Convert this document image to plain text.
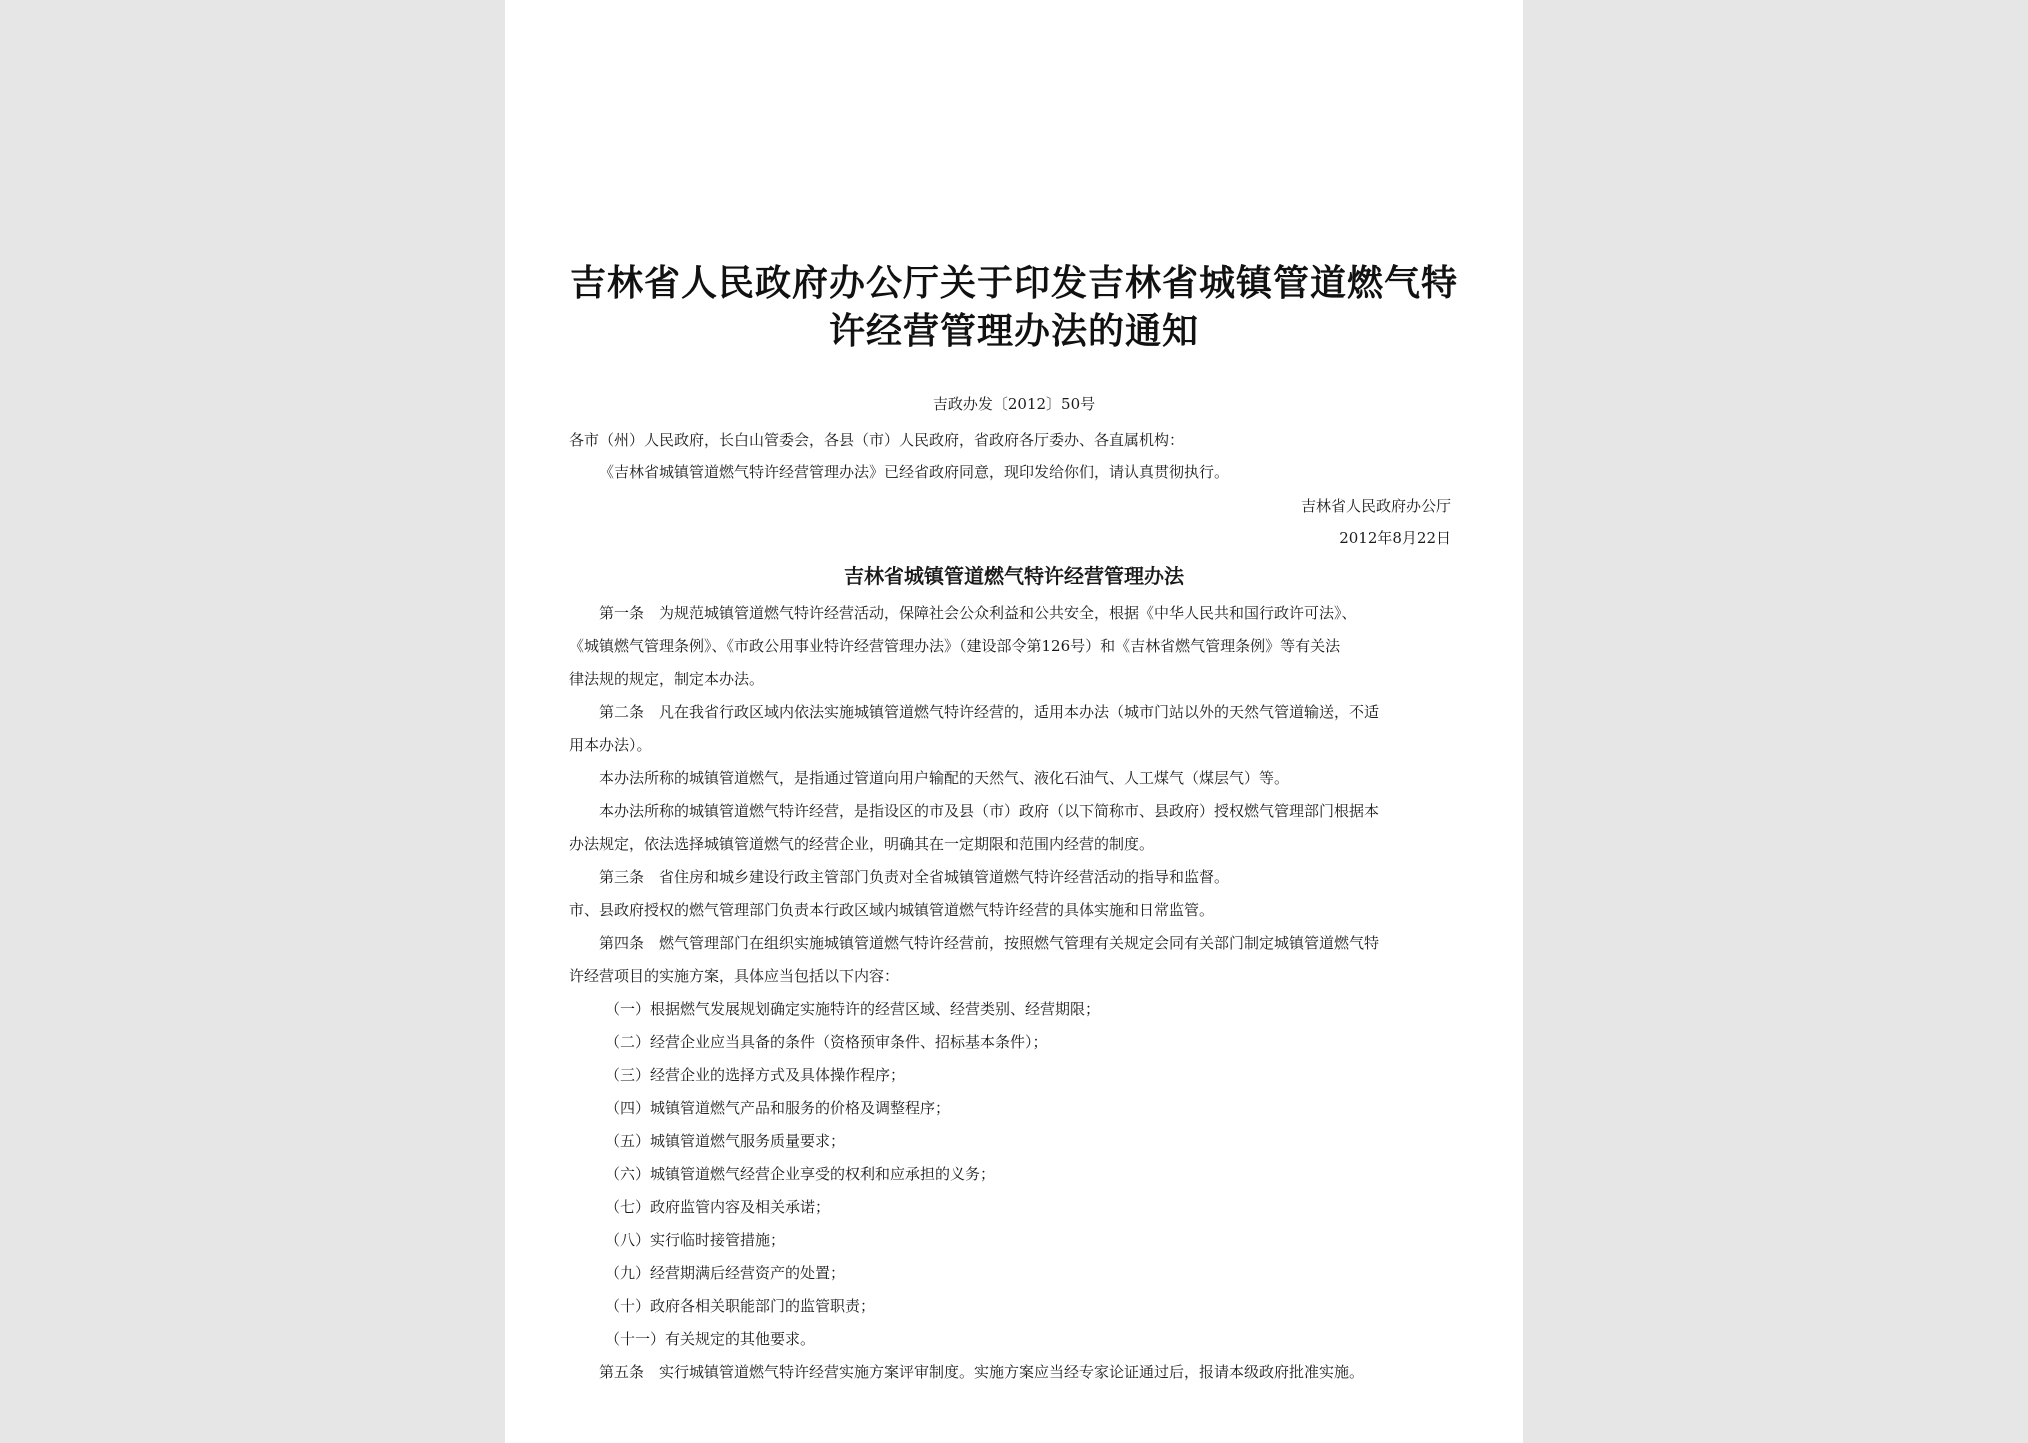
吉林省人民政府办公厅关于印发吉林省城镇管道燃气特
许经营管理办法的通知
吉政办发〔2012〕50号
各市（州）人民政府，长白山管委会，各县（市）人民政府，省政府各厅委办、各直属机构：
《吉林省城镇管道燃气特许经营管理办法》已经省政府同意，现印发给你们，请认真贯彻执行。
吉林省人民政府办公厅
2012年8月22日
吉林省城镇管道燃气特许经营管理办法
第一条　为规范城镇管道燃气特许经营活动，保障社会公众利益和公共安全，根据《中华人民共和国行政许可法》、
《城镇燃气管理条例》、《市政公用事业特许经营管理办法》（建设部令第126号）和《吉林省燃气管理条例》等有关法
律法规的规定，制定本办法。
第二条　凡在我省行政区域内依法实施城镇管道燃气特许经营的，适用本办法（城市门站以外的天然气管道输送，不适
用本办法）。
本办法所称的城镇管道燃气，是指通过管道向用户输配的天然气、液化石油气、人工煤气（煤层气）等。
本办法所称的城镇管道燃气特许经营，是指设区的市及县（市）政府（以下简称市、县政府）授权燃气管理部门根据本
办法规定，依法选择城镇管道燃气的经营企业，明确其在一定期限和范围内经营的制度。
第三条　省住房和城乡建设行政主管部门负责对全省城镇管道燃气特许经营活动的指导和监督。
市、县政府授权的燃气管理部门负责本行政区域内城镇管道燃气特许经营的具体实施和日常监管。
第四条　燃气管理部门在组织实施城镇管道燃气特许经营前，按照燃气管理有关规定会同有关部门制定城镇管道燃气特
许经营项目的实施方案，具体应当包括以下内容：
（一）根据燃气发展规划确定实施特许的经营区域、经营类别、经营期限；
（二）经营企业应当具备的条件（资格预审条件、招标基本条件）；
（三）经营企业的选择方式及具体操作程序；
（四）城镇管道燃气产品和服务的价格及调整程序；
（五）城镇管道燃气服务质量要求；
（六）城镇管道燃气经营企业享受的权利和应承担的义务；
（七）政府监管内容及相关承诺；
（八）实行临时接管措施；
（九）经营期满后经营资产的处置；
（十）政府各相关职能部门的监管职责；
（十一）有关规定的其他要求。
第五条　实行城镇管道燃气特许经营实施方案评审制度。实施方案应当经专家论证通过后，报请本级政府批准实施。
